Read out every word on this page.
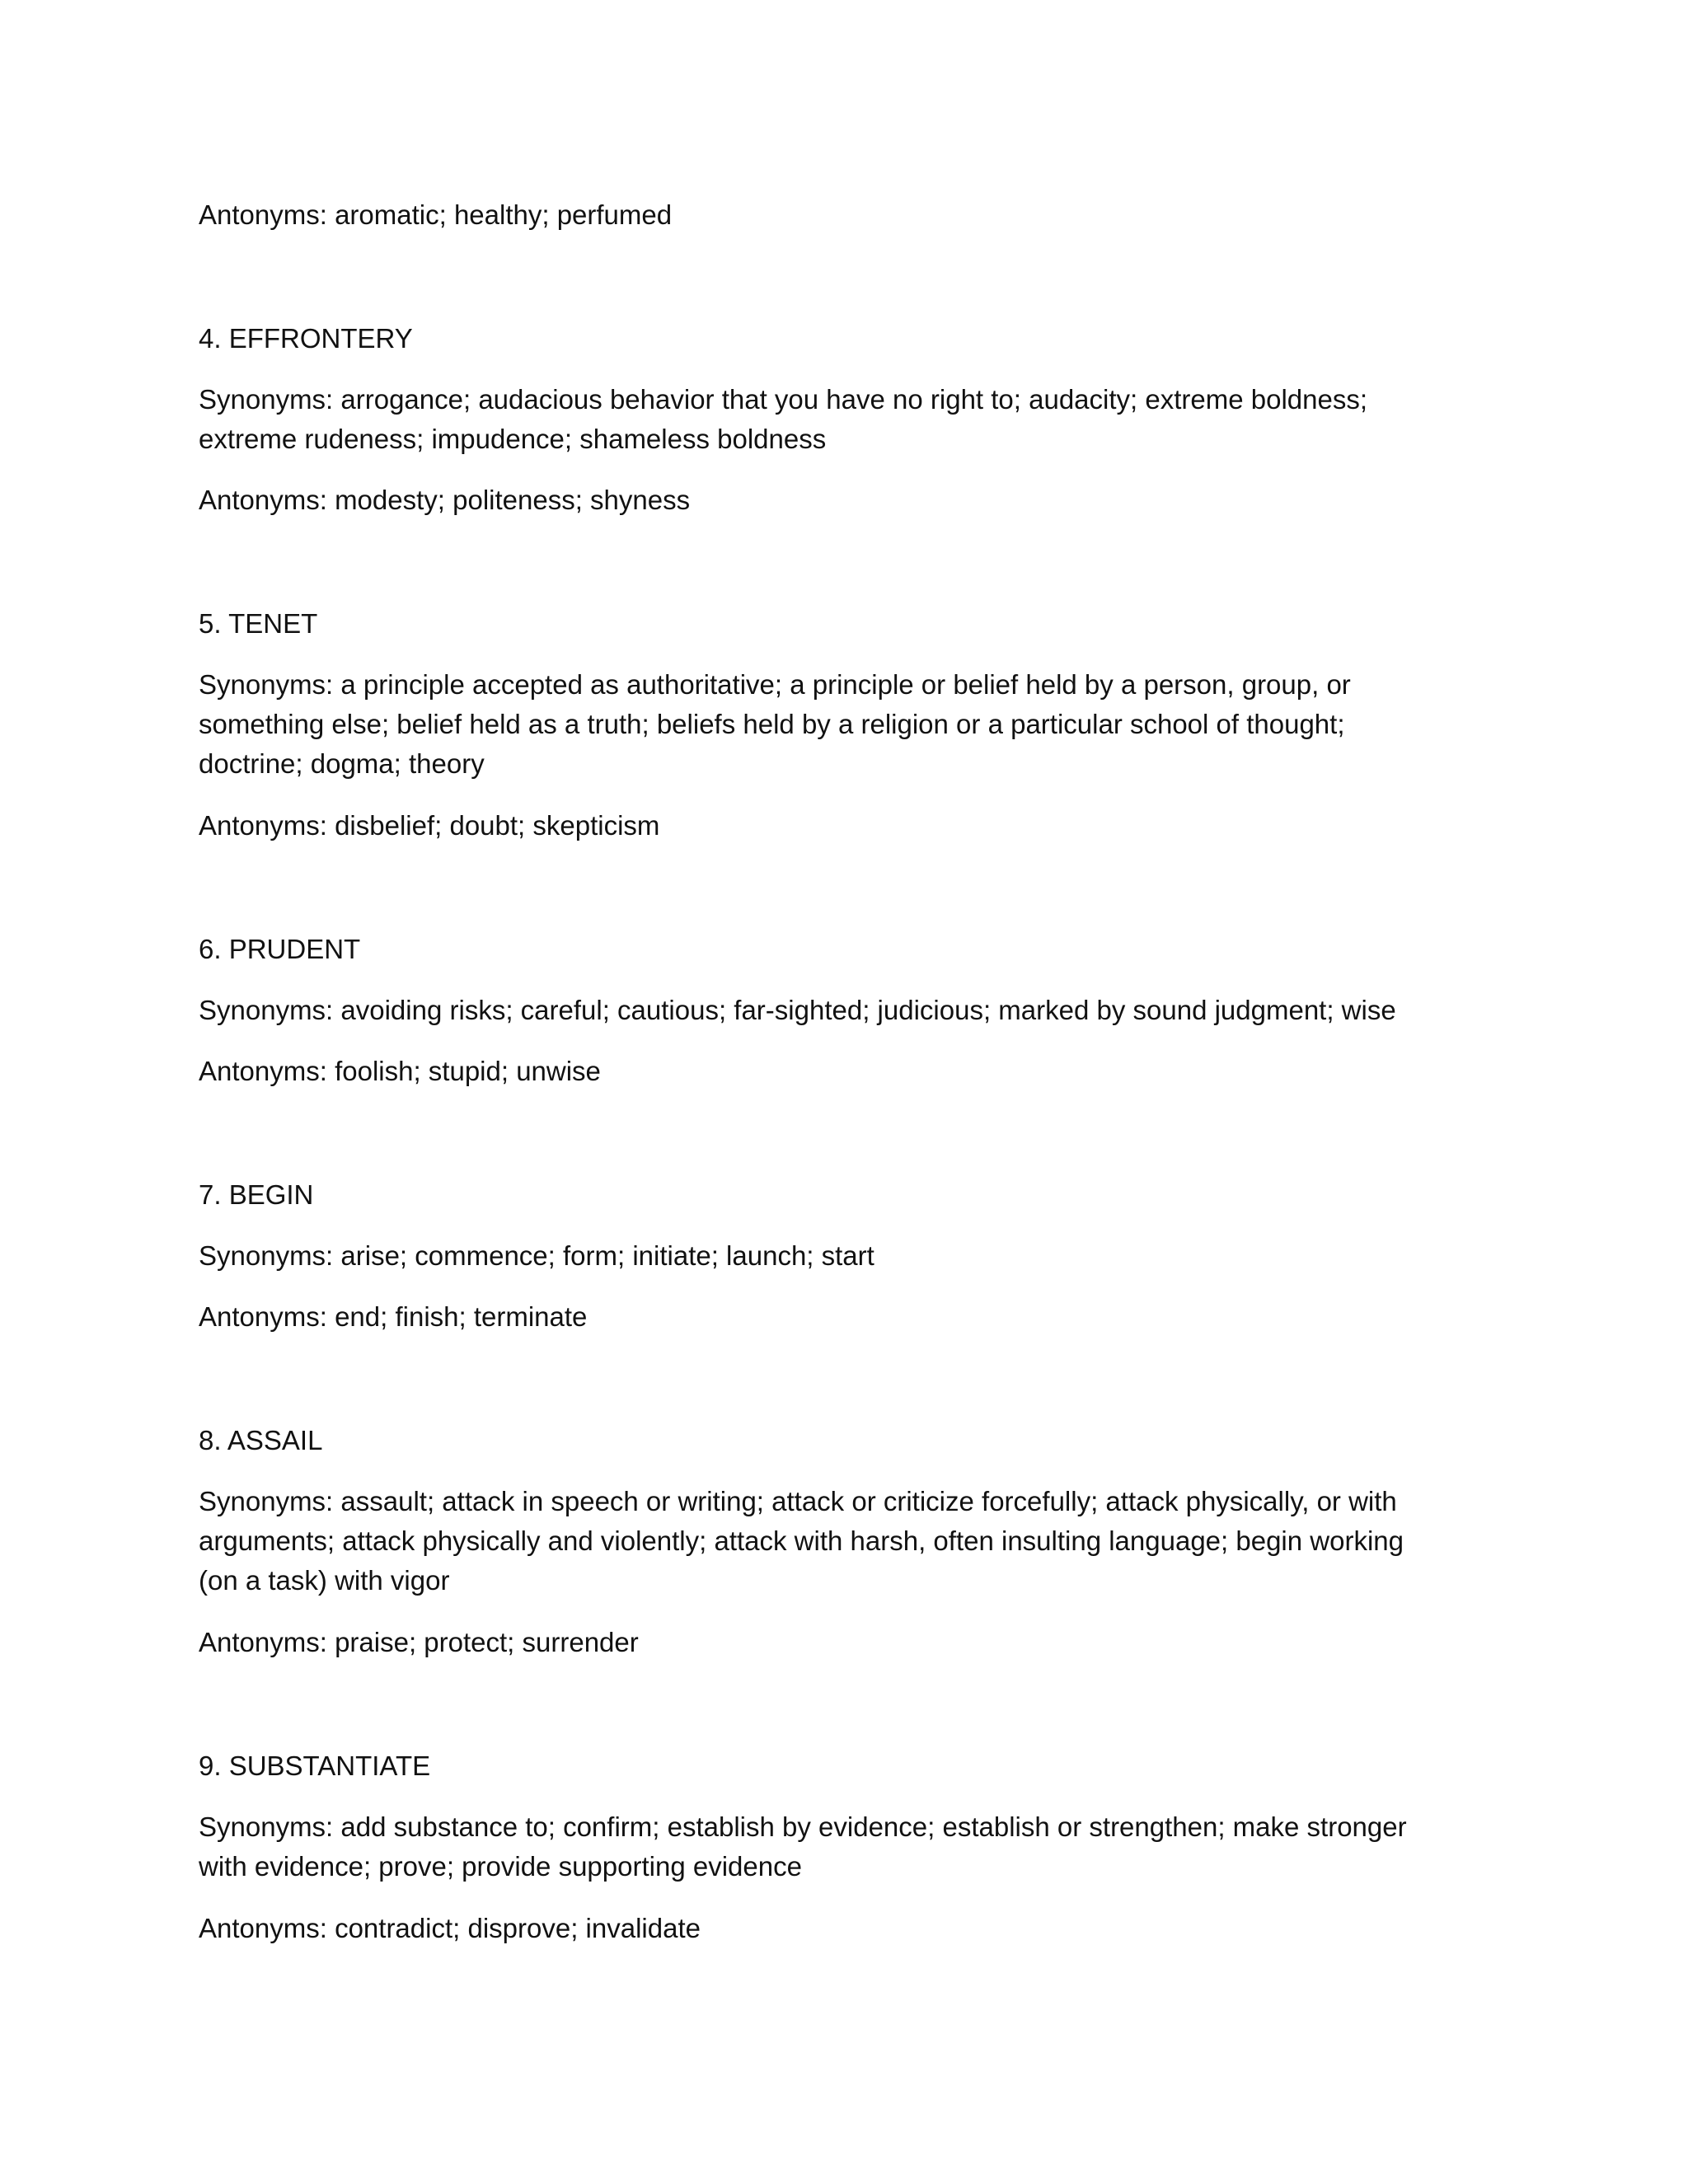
Antonyms: aromatic; healthy; perfumed
4. EFFRONTERY
Synonyms: arrogance; audacious behavior that you have no right to; audacity; extreme boldness;
extreme rudeness; impudence; shameless boldness
Antonyms: modesty; politeness; shyness
5. TENET
Synonyms: a principle accepted as authoritative; a principle or belief held by a person, group, or
something else; belief held as a truth; beliefs held by a religion or a particular school of thought;
doctrine; dogma; theory
Antonyms: disbelief; doubt; skepticism
6. PRUDENT
Synonyms: avoiding risks; careful; cautious; far-sighted; judicious; marked by sound judgment; wise
Antonyms: foolish; stupid; unwise
7. BEGIN
Synonyms: arise; commence; form; initiate; launch; start
Antonyms: end; finish; terminate
8. ASSAIL
Synonyms: assault; attack in speech or writing; attack or criticize forcefully; attack physically, or with
arguments; attack physically and violently; attack with harsh, often insulting language; begin working
(on a task) with vigor
Antonyms: praise; protect; surrender
9. SUBSTANTIATE
Synonyms: add substance to; confirm; establish by evidence; establish or strengthen; make stronger
with evidence; prove; provide supporting evidence
Antonyms: contradict; disprove; invalidate
